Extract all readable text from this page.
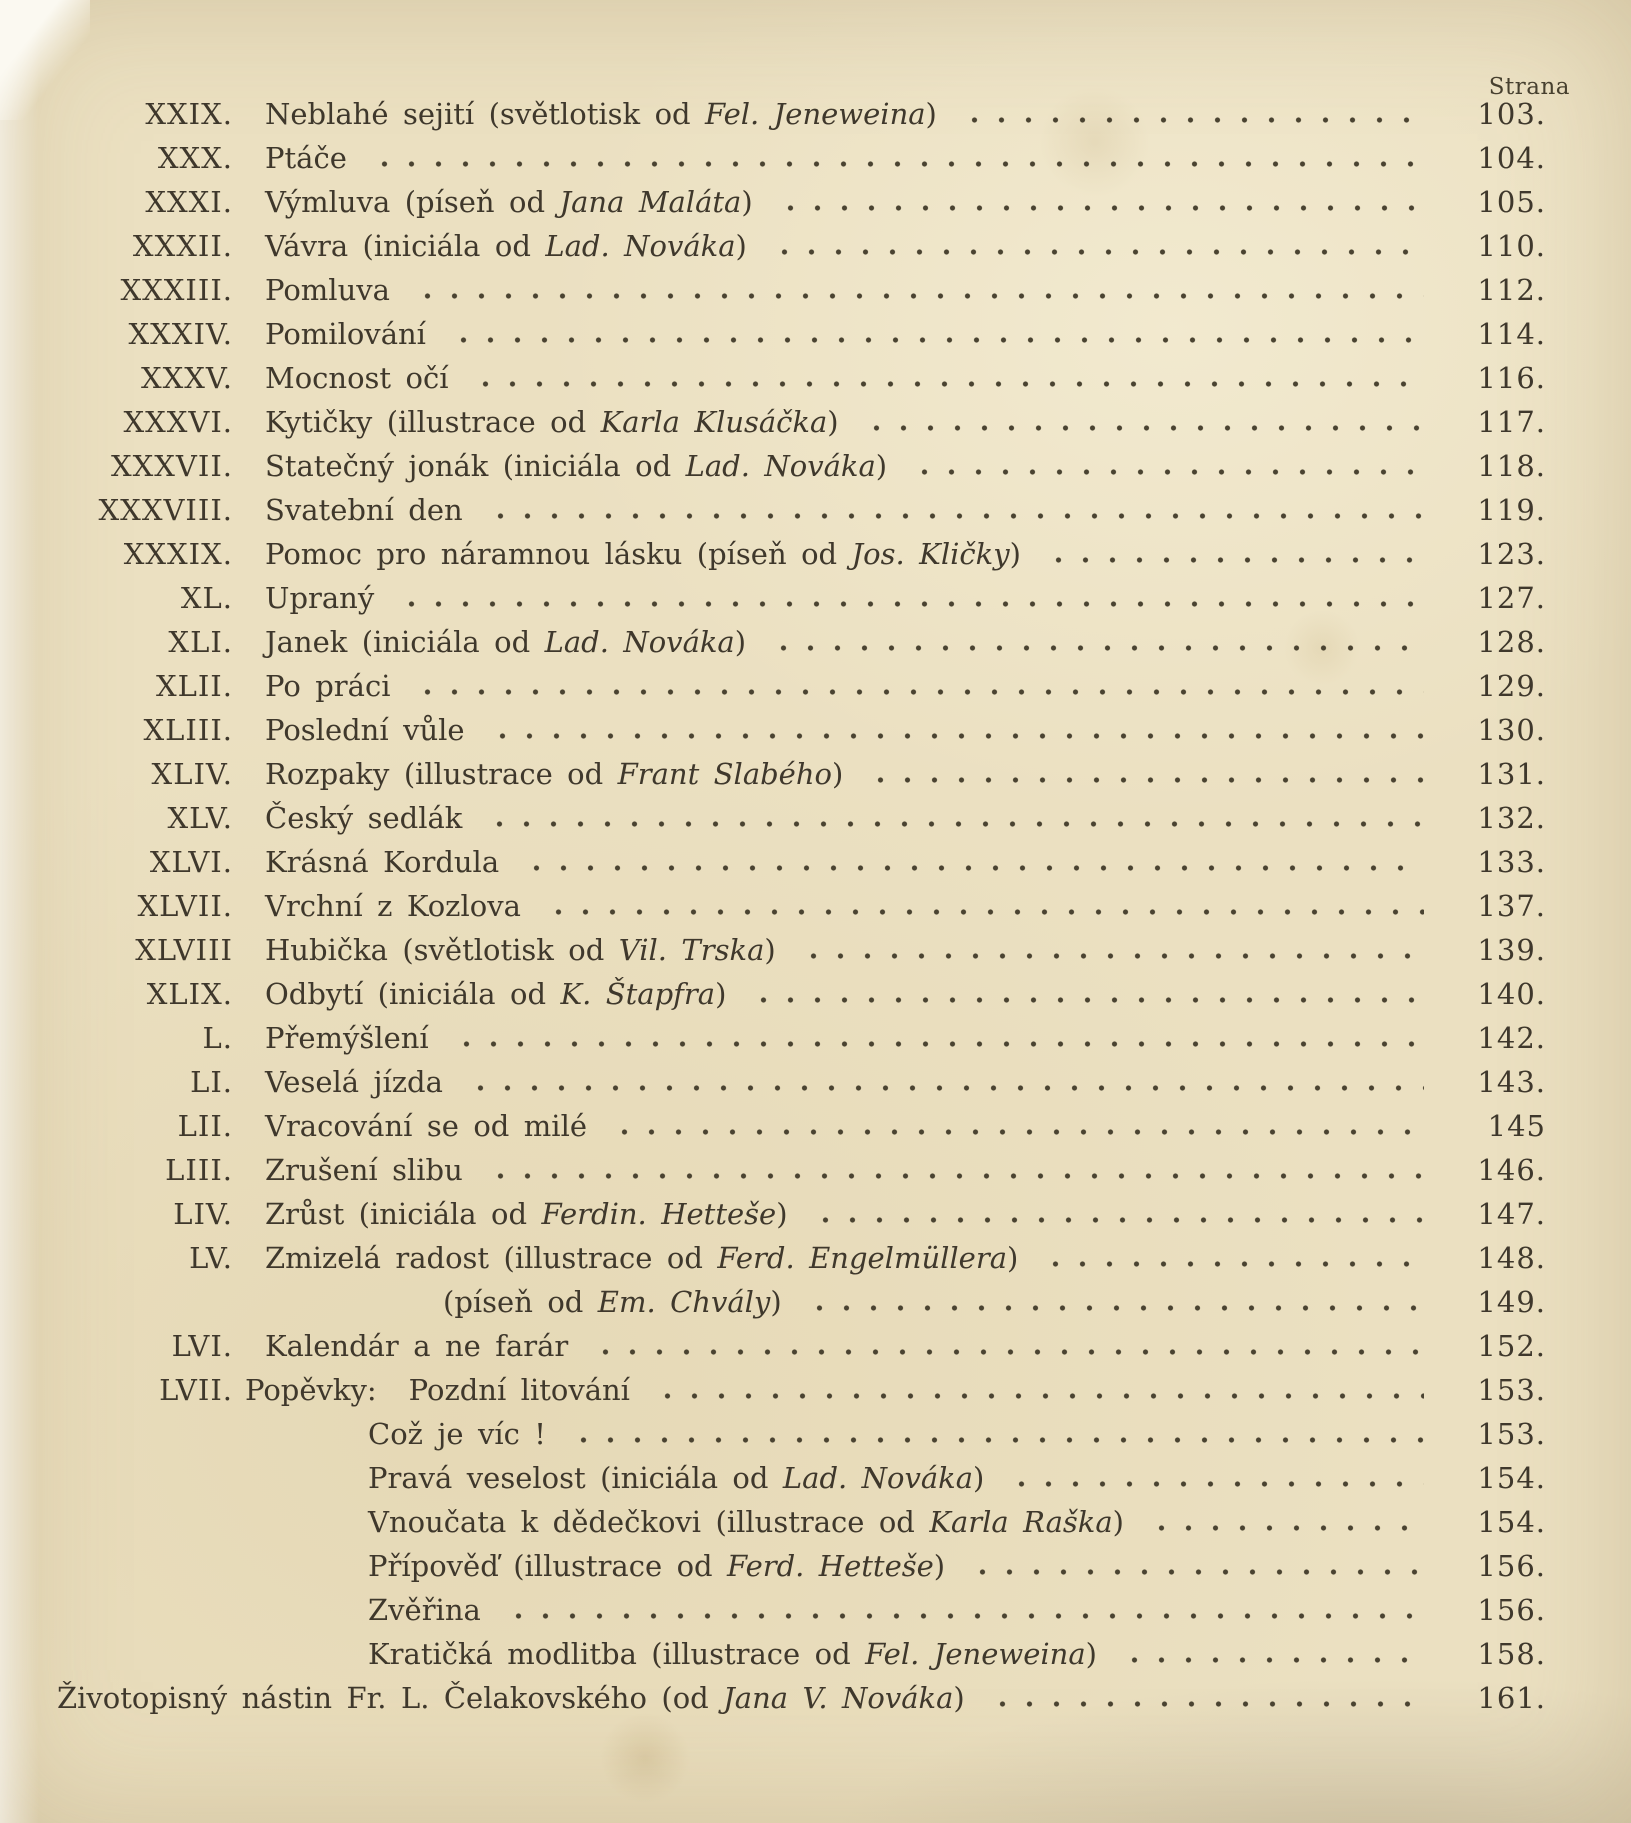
Strana
XXIX. Neblahé sejití (světlotisk od Fel. Jeneweina)	103.
XXX. Ptáče	104.
XXXI. Výmluva (píseň od Jana Maláta)	105.
XXXII. Vávra (iniciála od Lad. Nováka)	110.
XXXIII. Pomluva	112.
XXXIV. Pomilování	114.
XXXV. Mocnost očí	116.
XXXVI. Kytičky (illustrace od Karla Klusáčka)	117.
XXXVII. Statečný jonák (iniciála od Lad. Nováka)	118.
XXXVIII. Svatební den	119.
XXXIX. Pomoc pro náramnou lásku (píseň od Jos. Kličky)	123.
XL. Upraný	127.
XLI. Janek (iniciála od Lad. Nováka)	128.
XLII. Po práci	129.
XLIII. Poslední vůle	130.
XLIV. Rozpaky (illustrace od Frant Slabého)	131.
XLV. Český sedlák	132.
XLVI. Krásná Kordula	133.
XLVII. Vrchní z Kozlova	137.
XLVIII Hubička (světlotisk od Vil. Trska)	139.
XLIX. Odbytí (iniciála od K. Štapfra)	140.
L. Přemýšlení	142.
LI. Veselá jízda	143.
LII. Vracování se od milé	145
LIII. Zrušení slibu	146.
LIV. Zrůst (iniciála od Ferdin. Hetteše)	147.
LV. Zmizelá radost (illustrace od Ferd. Engelmüllera)	148.
(píseň od Em. Chvály)	149.
LVI. Kalendár a ne farár	152.
LVII. Popěvky: Pozdní litování	153.
Což je víc !	153.
Pravá veselost (iniciála od Lad. Nováka)	154.
Vnoučata k dědečkovi (illustrace od Karla Raška)	154.
Přípověď (illustrace od Ferd. Hetteše)	156.
Zvěřina	156.
Kratičká modlitba (illustrace od Fel. Jeneweina)	158.
Životopisný nástin Fr. L. Čelakovského (od Jana V. Nováka)	161.
